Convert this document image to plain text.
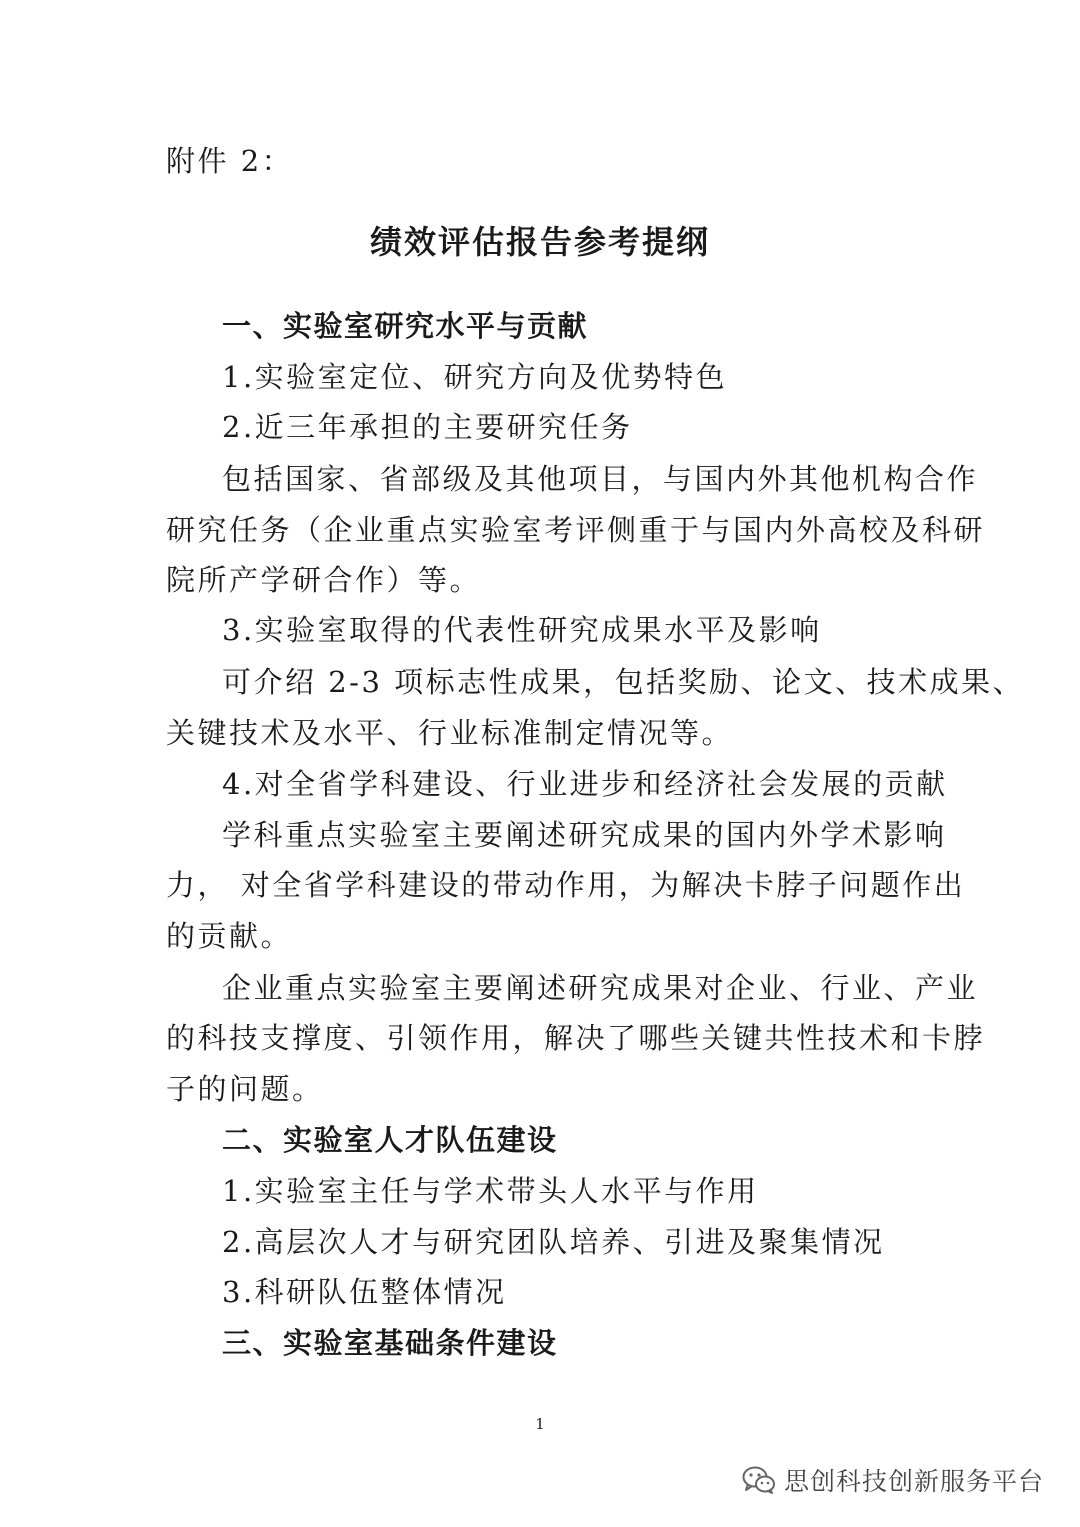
附件 2：
绩效评估报告参考提纲
一、实验室研究水平与贡献
1.实验室定位、研究方向及优势特色
2.近三年承担的主要研究任务
包括国家、省部级及其他项目，与国内外其他机构合作
研究任务（企业重点实验室考评侧重于与国内外高校及科研
院所产学研合作）等。
3.实验室取得的代表性研究成果水平及影响
可介绍 2-3 项标志性成果，包括奖励、论文、技术成果、
关键技术及水平、行业标准制定情况等。
4.对全省学科建设、行业进步和经济社会发展的贡献
学科重点实验室主要阐述研究成果的国内外学术影响
力， 对全省学科建设的带动作用，为解决卡脖子问题作出
的贡献。
企业重点实验室主要阐述研究成果对企业、行业、产业
的科技支撑度、引领作用，解决了哪些关键共性技术和卡脖
子的问题。
二、实验室人才队伍建设
1.实验室主任与学术带头人水平与作用
2.高层次人才与研究团队培养、引进及聚集情况
3.科研队伍整体情况
三、实验室基础条件建设
1
思创科技创新服务平台
